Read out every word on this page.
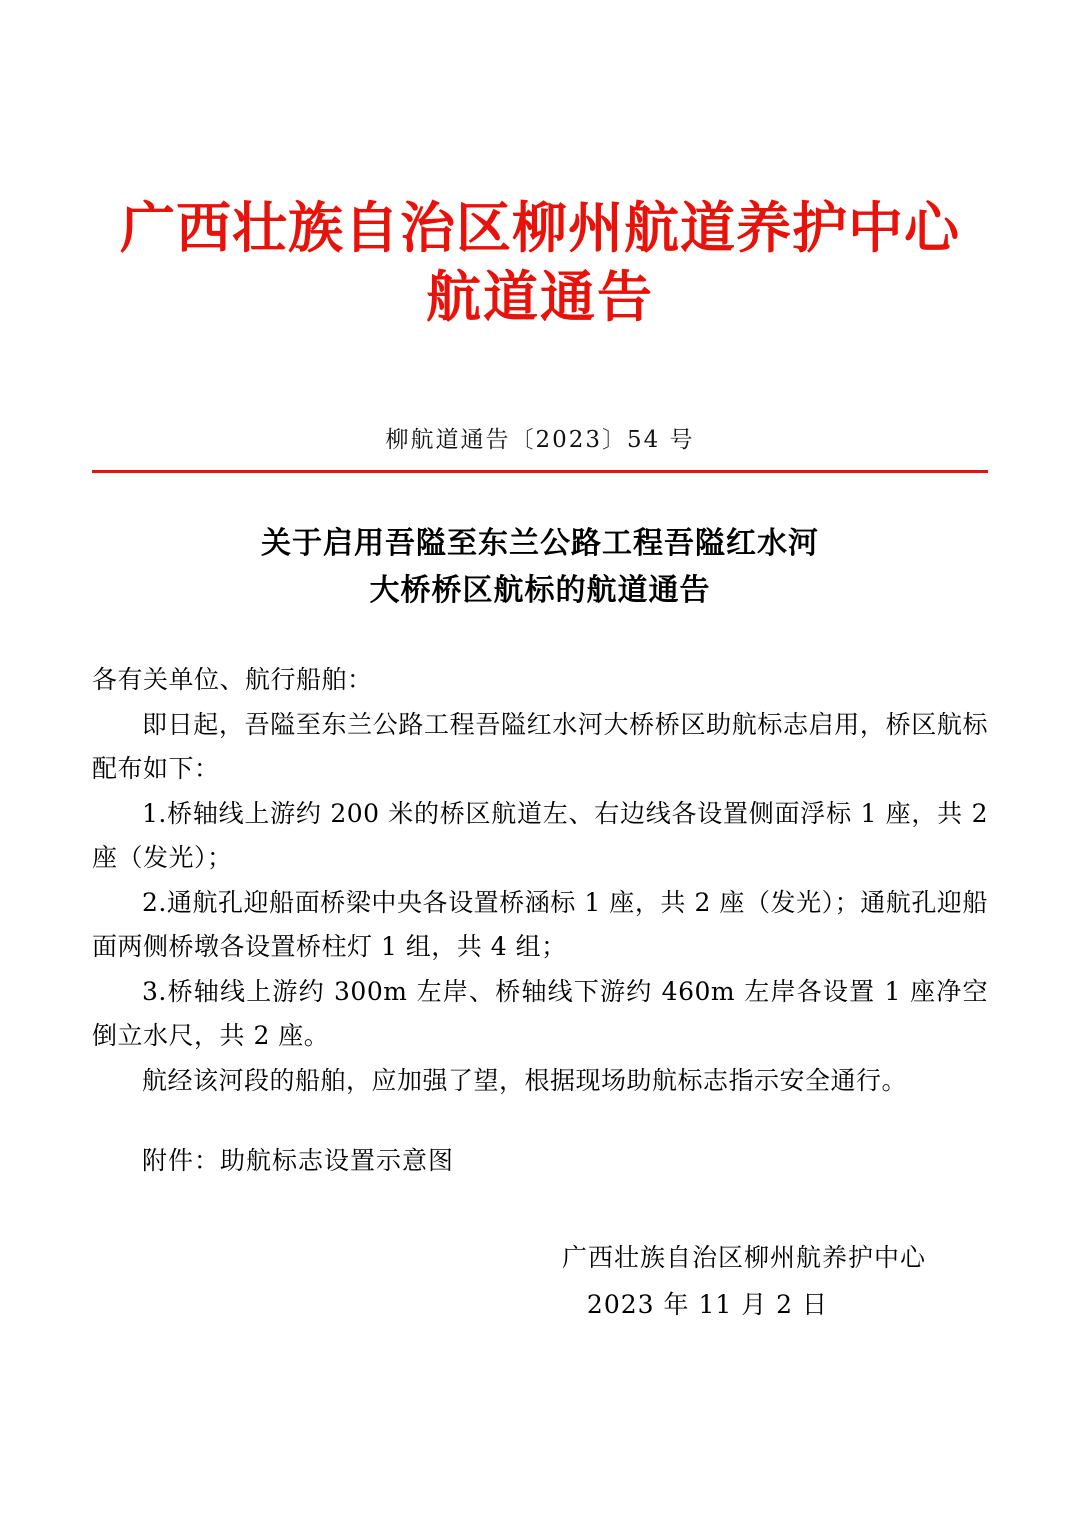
广西壮族自治区柳州航道养护中心
航道通告
柳航道通告〔2023〕54 号
关于启用吾隘至东兰公路工程吾隘红水河
大桥桥区航标的航道通告

各有关单位、航行船舶：

即日起，吾隘至东兰公路工程吾隘红水河大桥桥区助航标志启用，桥区航标配布如下：

1.桥轴线上游约 200 米的桥区航道左、右边线各设置侧面浮标 1 座，共 2 座（发光）；

2.通航孔迎船面桥梁中央各设置桥涵标 1 座，共 2 座（发光）；通航孔迎船面两侧桥墩各设置桥柱灯 1 组，共 4 组；

3.桥轴线上游约 300m 左岸、桥轴线下游约 460m 左岸各设置 1 座净空倒立水尺，共 2 座。

航经该河段的船舶，应加强了望，根据现场助航标志指示安全通行。

附件：助航标志设置示意图
广西壮族自治区柳州航养护中心
2023 年 11 月 2 日
